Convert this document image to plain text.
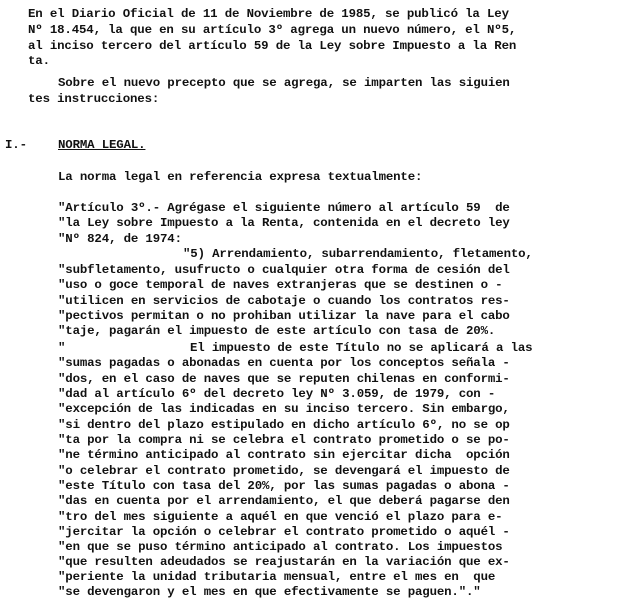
En el Diario Oficial de 11 de Noviembre de 1985, se publicó la Ley
Nº 18.454, la que en su artículo 3º agrega un nuevo número, el Nº5,
al inciso tercero del artículo 59 de la Ley sobre Impuesto a la Ren
ta.
Sobre el nuevo precepto que se agrega, se imparten las siguien
tes instrucciones:
I.-	NORMA LEGAL.
La norma legal en referencia expresa textualmente:
"Artículo 3º.- Agrégase el siguiente número al artículo 59  de
"la Ley sobre Impuesto a la Renta, contenida en el decreto ley
"Nº 824, de 1974:
"5) Arrendamiento, subarrendamiento, fletamento,
"subfletamento, usufructo o cualquier otra forma de cesión del
"uso o goce temporal de naves extranjeras que se destinen o -
"utilicen en servicios de cabotaje o cuando los contratos res-
"pectivos permitan o no prohiban utilizar la nave para el cabo
"taje, pagarán el impuesto de este artículo con tasa de 20%.
"	El impuesto de este Título no se aplicará a las
"sumas pagadas o abonadas en cuenta por los conceptos señala -
"dos, en el caso de naves que se reputen chilenas en conformi-
"dad al artículo 6º del decreto ley Nº 3.059, de 1979, con -
"excepción de las indicadas en su inciso tercero. Sin embargo,
"si dentro del plazo estipulado en dicho artículo 6º, no se op
"ta por la compra ni se celebra el contrato prometido o se po-
"ne término anticipado al contrato sin ejercitar dicha  opción
"o celebrar el contrato prometido, se devengará el impuesto de
"este Título con tasa del 20%, por las sumas pagadas o abona -
"das en cuenta por el arrendamiento, el que deberá pagarse den
"tro del mes siguiente a aquél en que venció el plazo para e-
"jercitar la opción o celebrar el contrato prometido o aquél -
"en que se puso término anticipado al contrato. Los impuestos
"que resulten adeudados se reajustarán en la variación que ex-
"periente la unidad tributaria mensual, entre el mes en  que
"se devengaron y el mes en que efectivamente se paguen."."
